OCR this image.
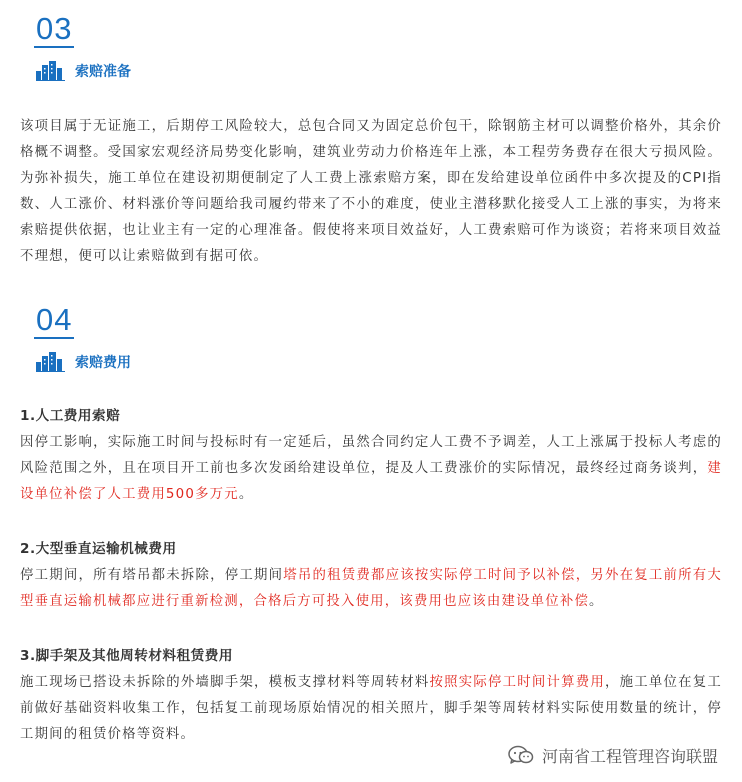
03
索赔准备

该项目属于无证施工，后期停工风险较大，总包合同又为固定总价包干，除钢筋主材可以调整价格外，其余价格概不调整。受国家宏观经济局势变化影响，建筑业劳动力价格连年上涨，本工程劳务费存在很大亏损风险。为弥补损失，施工单位在建设初期便制定了人工费上涨索赔方案，即在发给建设单位函件中多次提及的CPI指数、人工涨价、材料涨价等问题给我司履约带来了不小的难度，使业主潜移默化接受人工上涨的事实，为将来索赔提供依据，也让业主有一定的心理准备。假使将来项目效益好，人工费索赔可作为谈资；若将来项目效益不理想，便可以让索赔做到有据可依。

04
索赔费用
1.人工费用索赔

因停工影响，实际施工时间与投标时有一定延后，虽然合同约定人工费不予调差，人工上涨属于投标人考虑的风险范围之外，且在项目开工前也多次发函给建设单位，提及人工费涨价的实际情况，最终经过商务谈判，建设单位补偿了人工费用500多万元。

2.大型垂直运输机械费用

停工期间，所有塔吊都未拆除，停工期间塔吊的租赁费都应该按实际停工时间予以补偿，另外在复工前所有大型垂直运输机械都应进行重新检测，合格后方可投入使用，该费用也应该由建设单位补偿。

3.脚手架及其他周转材料租赁费用

施工现场已搭设未拆除的外墙脚手架，模板支撑材料等周转材料按照实际停工时间计算费用，施工单位在复工前做好基础资料收集工作，包括复工前现场原始情况的相关照片，脚手架等周转材料实际使用数量的统计，停工期间的租赁价格等资料。

河南省工程管理咨询联盟
